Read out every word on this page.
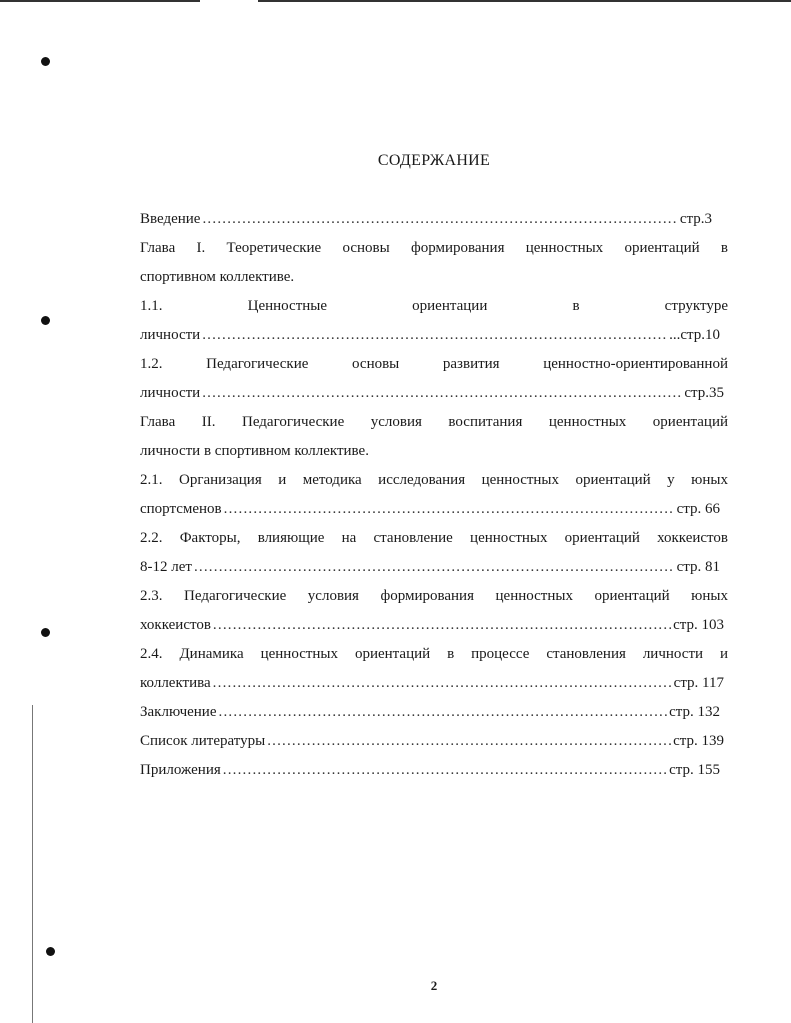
СОДЕРЖАНИЕ
Введение .....	стр.3
Глава I. Теоретические основы формирования ценностных ориентаций в
спортивном коллективе.
1.1. Ценностные ориентации в структуре
личности .....	...стр.10
1.2. Педагогические основы развития ценностно-ориентированной
личности .....	стр.35
Глава II. Педагогические условия воспитания ценностных ориентаций
личности в спортивном коллективе.
2.1. Организация и методика исследования ценностных ориентаций у юных
спортсменов .....	стр. 66
2.2. Факторы, влияющие на становление ценностных ориентаций хоккеистов
8-12 лет .....	стр. 81
2.3. Педагогические условия формирования ценностных ориентаций юных
хоккеистов .....	стр. 103
2.4. Динамика ценностных ориентаций в процессе становления личности и
коллектива .....	стр. 117
Заключение .....	стр. 132
Список литературы .....	стр. 139
Приложения .....	стр. 155
2
